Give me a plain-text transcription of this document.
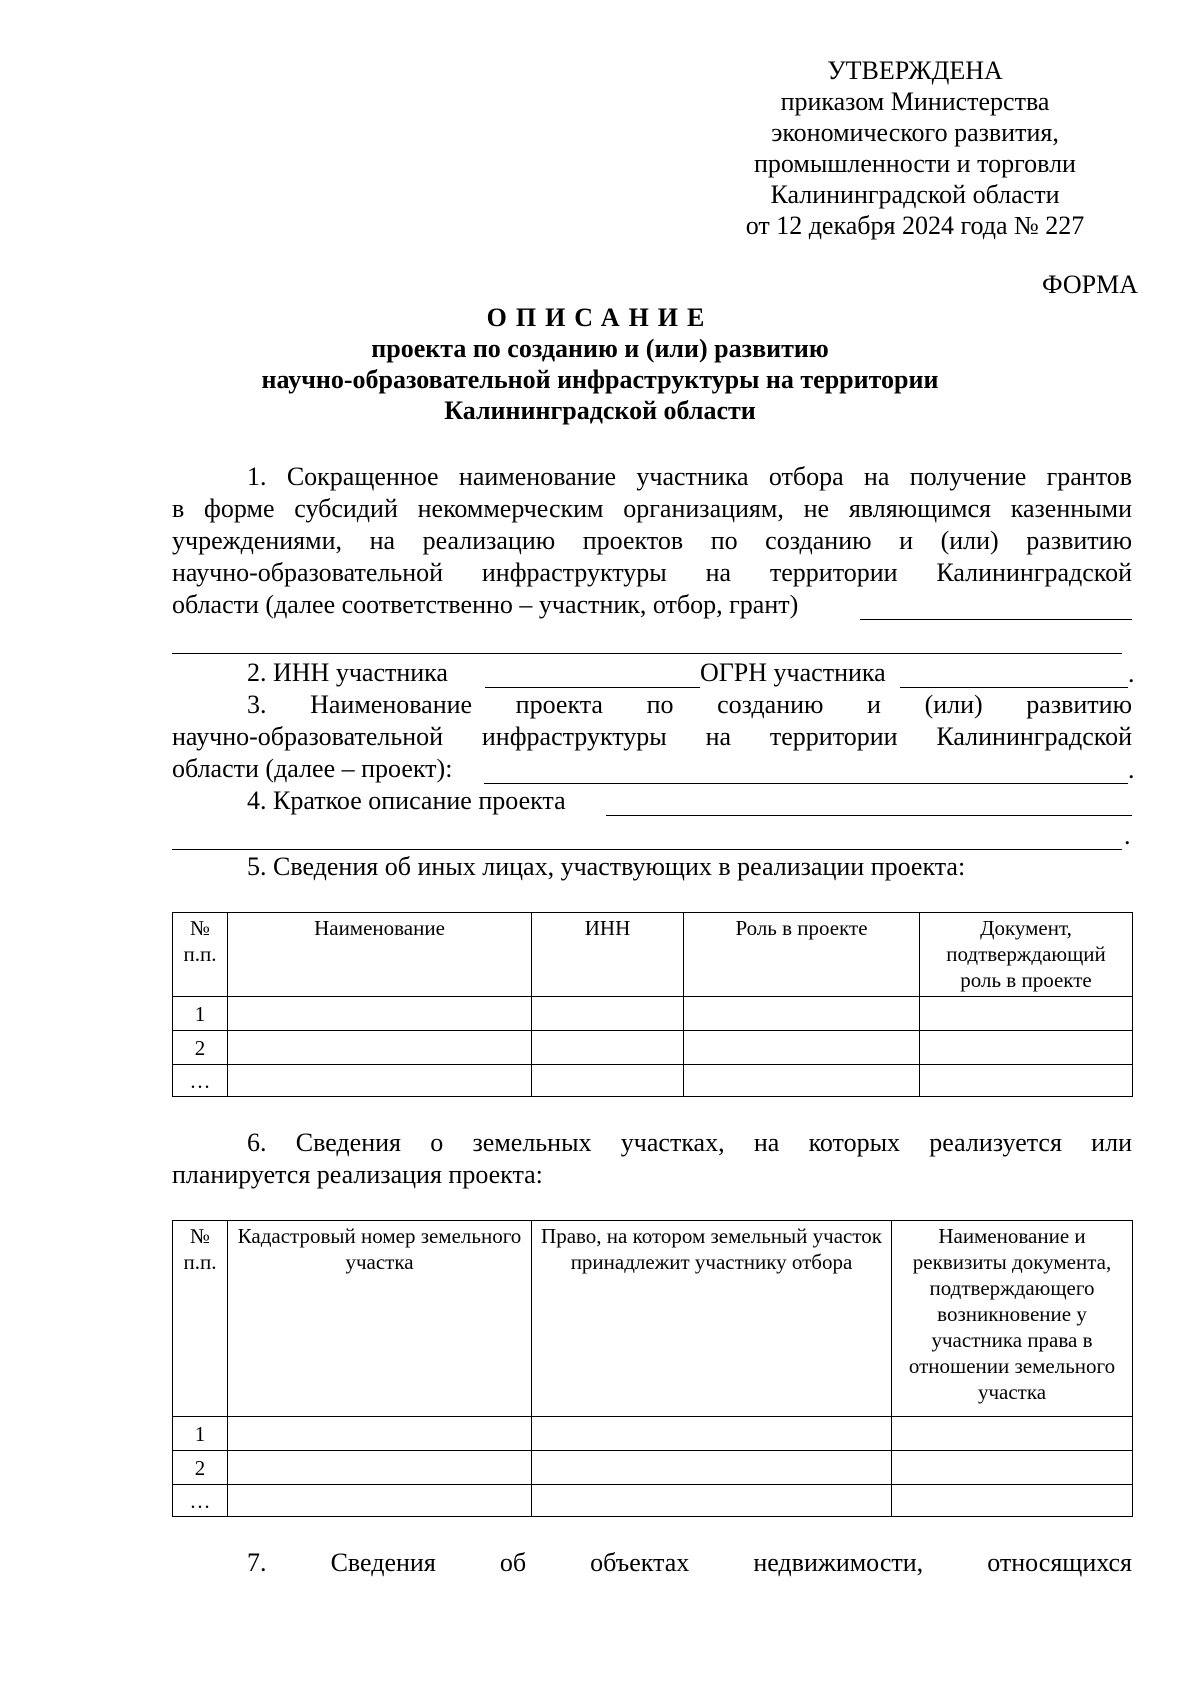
УТВЕРЖДЕНА
приказом Министерства
экономического развития,
промышленности и торговли
Калининградской области
от 12 декабря 2024 года № 227
ФОРМА
ОПИСАНИЕ
проекта по созданию и (или) развитию
научно-образовательной инфраструктуры на территории
Калининградской области
1. Сокращенное наименование участника отбора на получение грантов
в форме субсидий некоммерческим организациям, не являющимся казенными
учреждениями, на реализацию проектов по созданию и (или) развитию
научно-образовательной инфраструктуры на территории Калининградской
области (далее соответственно – участник, отбор, грант)
2. ИНН участника	ОГРН участника	.
3. Наименование проекта по созданию и (или) развитию
научно-образовательной инфраструктуры на территории Калининградской
области (далее – проект):	.
4. Краткое описание проекта
.
5. Сведения об иных лицах, участвующих в реализации проекта:
№ п.п.	Наименование	ИНН	Роль в проекте	Документ, подтверждающий роль в проекте
1				
2				
…				
6. Сведения о земельных участках, на которых реализуется или
планируется реализация проекта:
№ п.п.	Кадастровый номер земельного участка	Право, на котором земельный участок принадлежит участнику отбора	Наименование и реквизиты документа, подтверждающего возникновение у участника права в отношении земельного участка
1			
2			
…			
7. Сведения об объектах недвижимости, относящихся
